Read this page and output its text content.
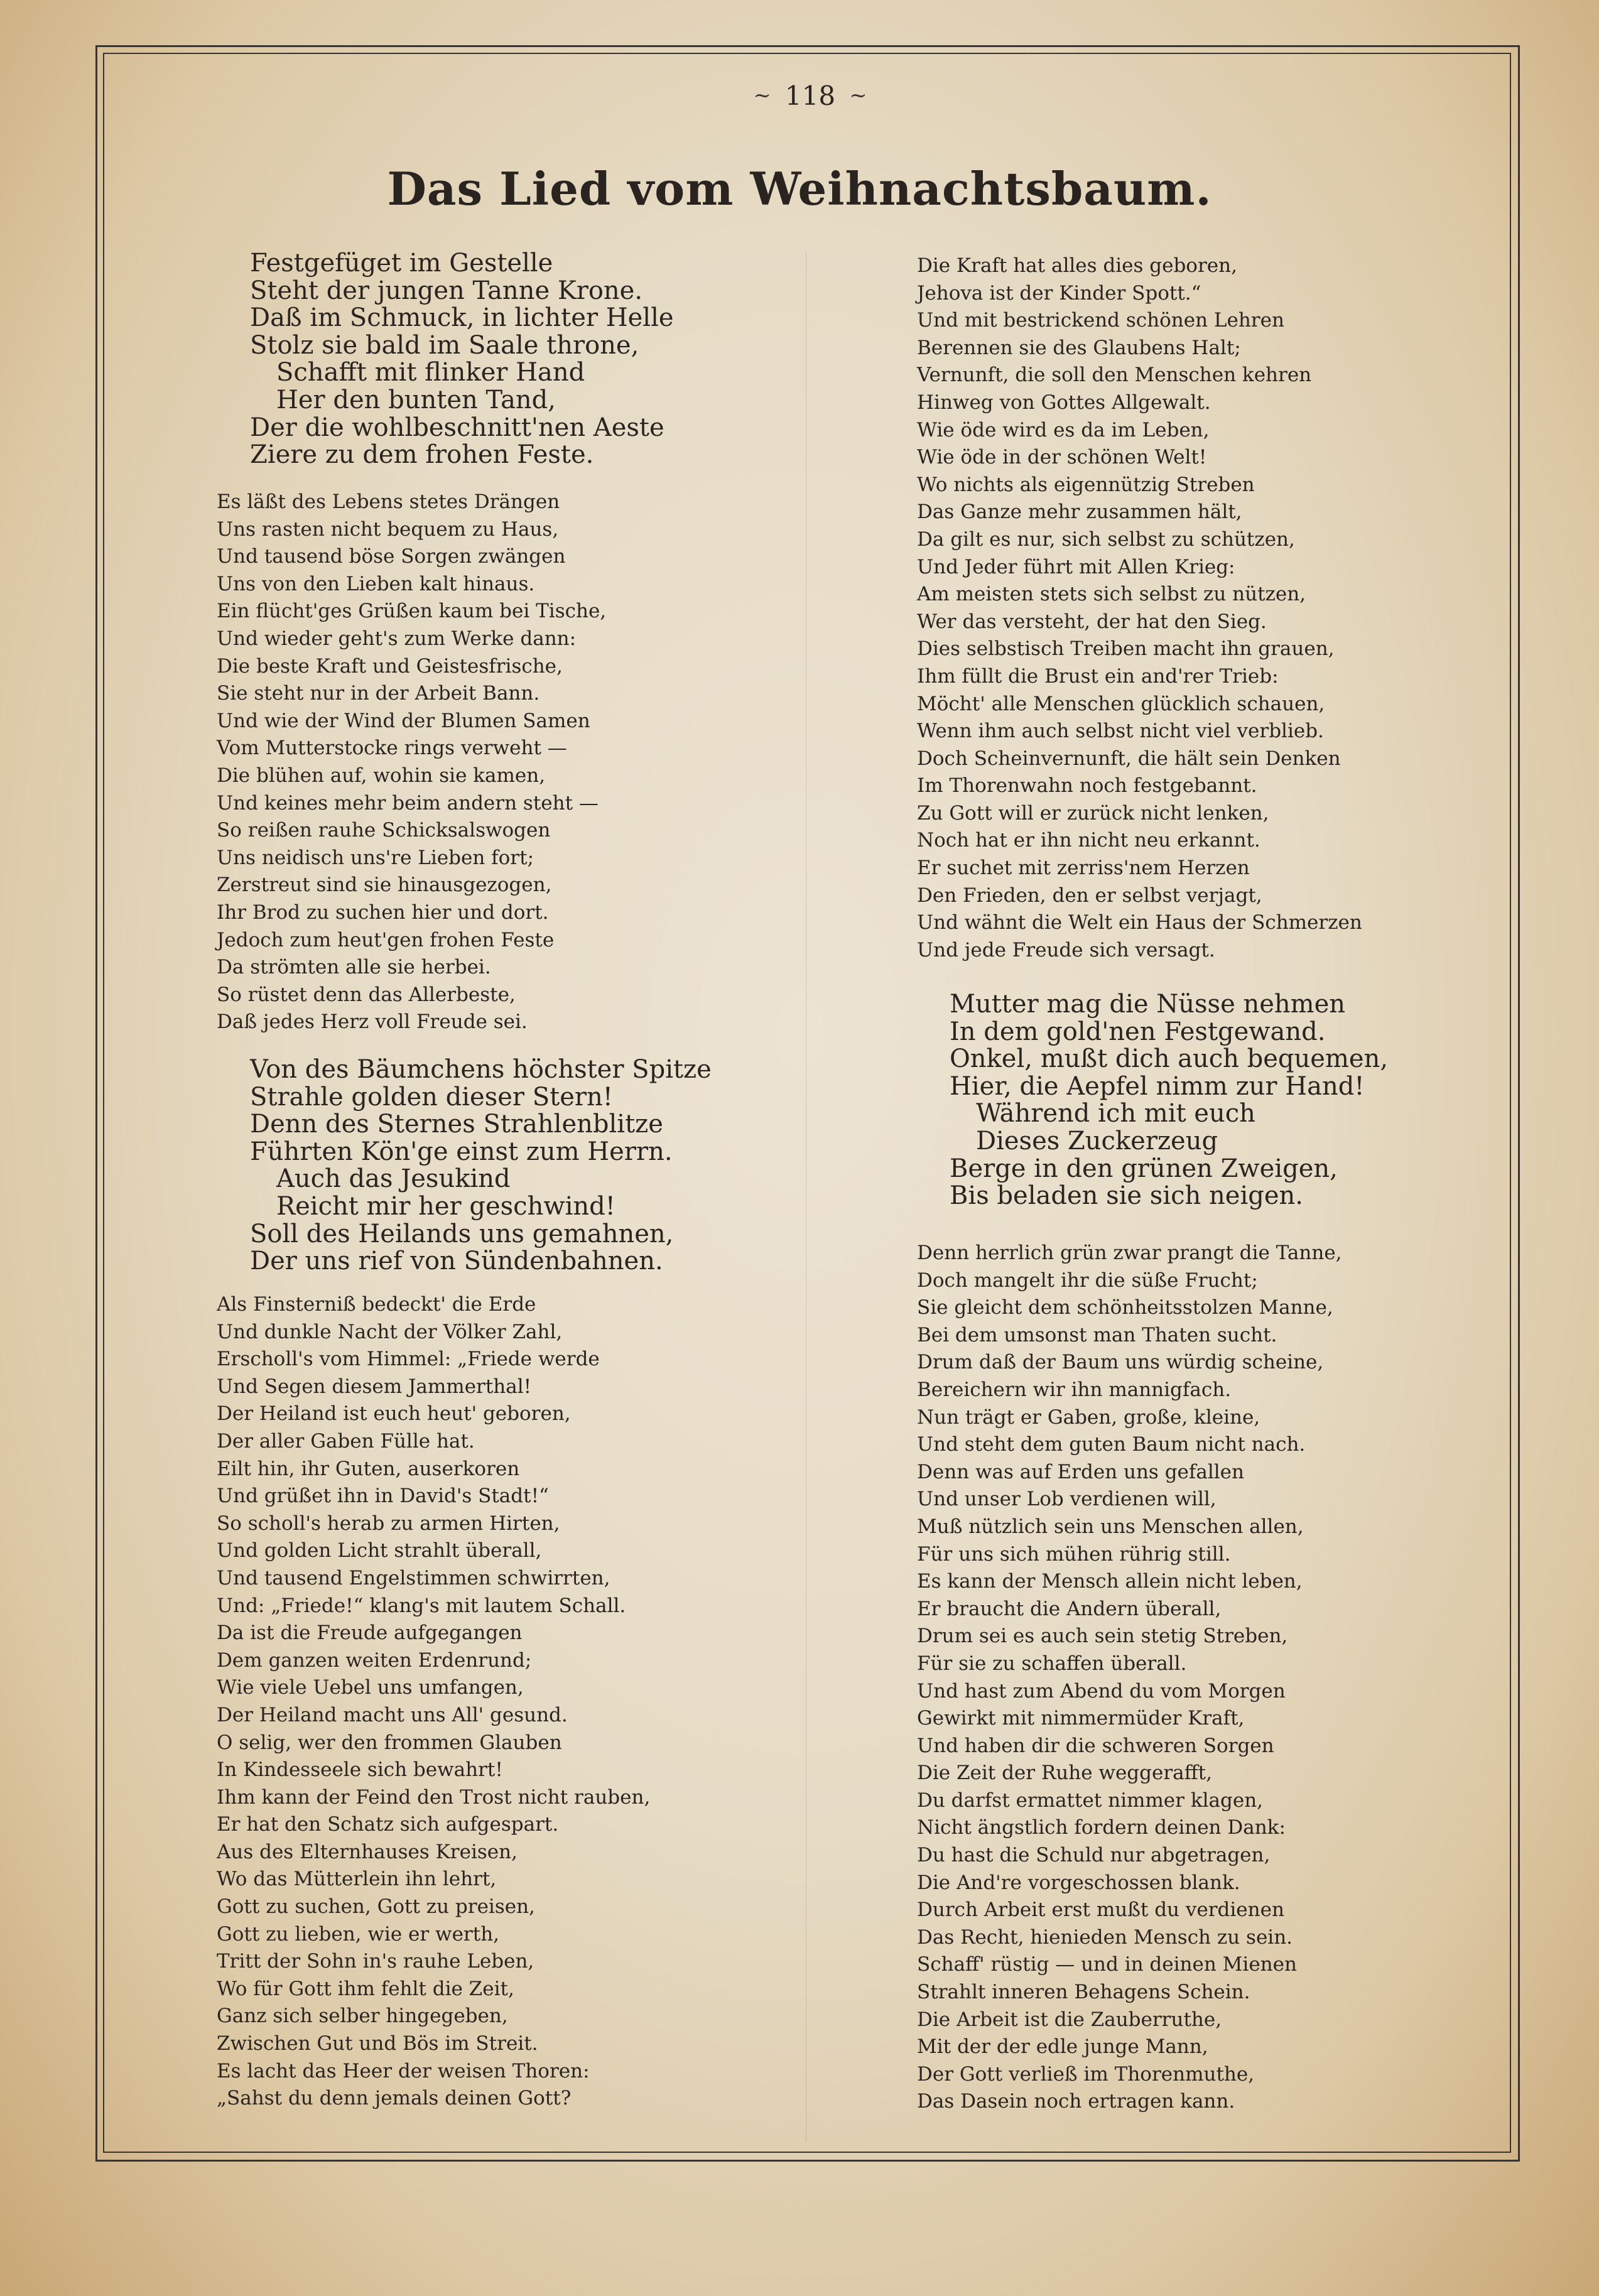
~ 118 ~
Das Lied vom Weihnachtsbaum.
Festgefüget im Gestelle
Steht der jungen Tanne Krone.
Daß im Schmuck, in lichter Helle
Stolz sie bald im Saale throne,
Schafft mit flinker Hand
Her den bunten Tand,
Der die wohlbeschnitt'nen Aeste
Ziere zu dem frohen Feste.
Es läßt des Lebens stetes Drängen
Uns rasten nicht bequem zu Haus,
Und tausend böse Sorgen zwängen
Uns von den Lieben kalt hinaus.
Ein flücht'ges Grüßen kaum bei Tische,
Und wieder geht's zum Werke dann:
Die beste Kraft und Geistesfrische,
Sie steht nur in der Arbeit Bann.
Und wie der Wind der Blumen Samen
Vom Mutterstocke rings verweht —
Die blühen auf, wohin sie kamen,
Und keines mehr beim andern steht —
So reißen rauhe Schicksalswogen
Uns neidisch uns're Lieben fort;
Zerstreut sind sie hinausgezogen,
Ihr Brod zu suchen hier und dort.
Jedoch zum heut'gen frohen Feste
Da strömten alle sie herbei.
So rüstet denn das Allerbeste,
Daß jedes Herz voll Freude sei.
Von des Bäumchens höchster Spitze
Strahle golden dieser Stern!
Denn des Sternes Strahlenblitze
Führten Kön'ge einst zum Herrn.
Auch das Jesukind
Reicht mir her geschwind!
Soll des Heilands uns gemahnen,
Der uns rief von Sündenbahnen.
Als Finsterniß bedeckt' die Erde
Und dunkle Nacht der Völker Zahl,
Erscholl's vom Himmel: „Friede werde
Und Segen diesem Jammerthal!
Der Heiland ist euch heut' geboren,
Der aller Gaben Fülle hat.
Eilt hin, ihr Guten, auserkoren
Und grüßet ihn in David's Stadt!“
So scholl's herab zu armen Hirten,
Und golden Licht strahlt überall,
Und tausend Engelstimmen schwirrten,
Und: „Friede!“ klang's mit lautem Schall.
Da ist die Freude aufgegangen
Dem ganzen weiten Erdenrund;
Wie viele Uebel uns umfangen,
Der Heiland macht uns All' gesund.
O selig, wer den frommen Glauben
In Kindesseele sich bewahrt!
Ihm kann der Feind den Trost nicht rauben,
Er hat den Schatz sich aufgespart.
Aus des Elternhauses Kreisen,
Wo das Mütterlein ihn lehrt,
Gott zu suchen, Gott zu preisen,
Gott zu lieben, wie er werth,
Tritt der Sohn in's rauhe Leben,
Wo für Gott ihm fehlt die Zeit,
Ganz sich selber hingegeben,
Zwischen Gut und Bös im Streit.
Es lacht das Heer der weisen Thoren:
„Sahst du denn jemals deinen Gott?
Die Kraft hat alles dies geboren,
Jehova ist der Kinder Spott.“
Und mit bestrickend schönen Lehren
Berennen sie des Glaubens Halt;
Vernunft, die soll den Menschen kehren
Hinweg von Gottes Allgewalt.
Wie öde wird es da im Leben,
Wie öde in der schönen Welt!
Wo nichts als eigennützig Streben
Das Ganze mehr zusammen hält,
Da gilt es nur, sich selbst zu schützen,
Und Jeder führt mit Allen Krieg:
Am meisten stets sich selbst zu nützen,
Wer das versteht, der hat den Sieg.
Dies selbstisch Treiben macht ihn grauen,
Ihm füllt die Brust ein and'rer Trieb:
Möcht' alle Menschen glücklich schauen,
Wenn ihm auch selbst nicht viel verblieb.
Doch Scheinvernunft, die hält sein Denken
Im Thorenwahn noch festgebannt.
Zu Gott will er zurück nicht lenken,
Noch hat er ihn nicht neu erkannt.
Er suchet mit zerriss'nem Herzen
Den Frieden, den er selbst verjagt,
Und wähnt die Welt ein Haus der Schmerzen
Und jede Freude sich versagt.
Mutter mag die Nüsse nehmen
In dem gold'nen Festgewand.
Onkel, mußt dich auch bequemen,
Hier, die Aepfel nimm zur Hand!
Während ich mit euch
Dieses Zuckerzeug
Berge in den grünen Zweigen,
Bis beladen sie sich neigen.
Denn herrlich grün zwar prangt die Tanne,
Doch mangelt ihr die süße Frucht;
Sie gleicht dem schönheitsstolzen Manne,
Bei dem umsonst man Thaten sucht.
Drum daß der Baum uns würdig scheine,
Bereichern wir ihn mannigfach.
Nun trägt er Gaben, große, kleine,
Und steht dem guten Baum nicht nach.
Denn was auf Erden uns gefallen
Und unser Lob verdienen will,
Muß nützlich sein uns Menschen allen,
Für uns sich mühen rührig still.
Es kann der Mensch allein nicht leben,
Er braucht die Andern überall,
Drum sei es auch sein stetig Streben,
Für sie zu schaffen überall.
Und hast zum Abend du vom Morgen
Gewirkt mit nimmermüder Kraft,
Und haben dir die schweren Sorgen
Die Zeit der Ruhe weggerafft,
Du darfst ermattet nimmer klagen,
Nicht ängstlich fordern deinen Dank:
Du hast die Schuld nur abgetragen,
Die And're vorgeschossen blank.
Durch Arbeit erst mußt du verdienen
Das Recht, hienieden Mensch zu sein.
Schaff' rüstig — und in deinen Mienen
Strahlt inneren Behagens Schein.
Die Arbeit ist die Zauberruthe,
Mit der der edle junge Mann,
Der Gott verließ im Thorenmuthe,
Das Dasein noch ertragen kann.
